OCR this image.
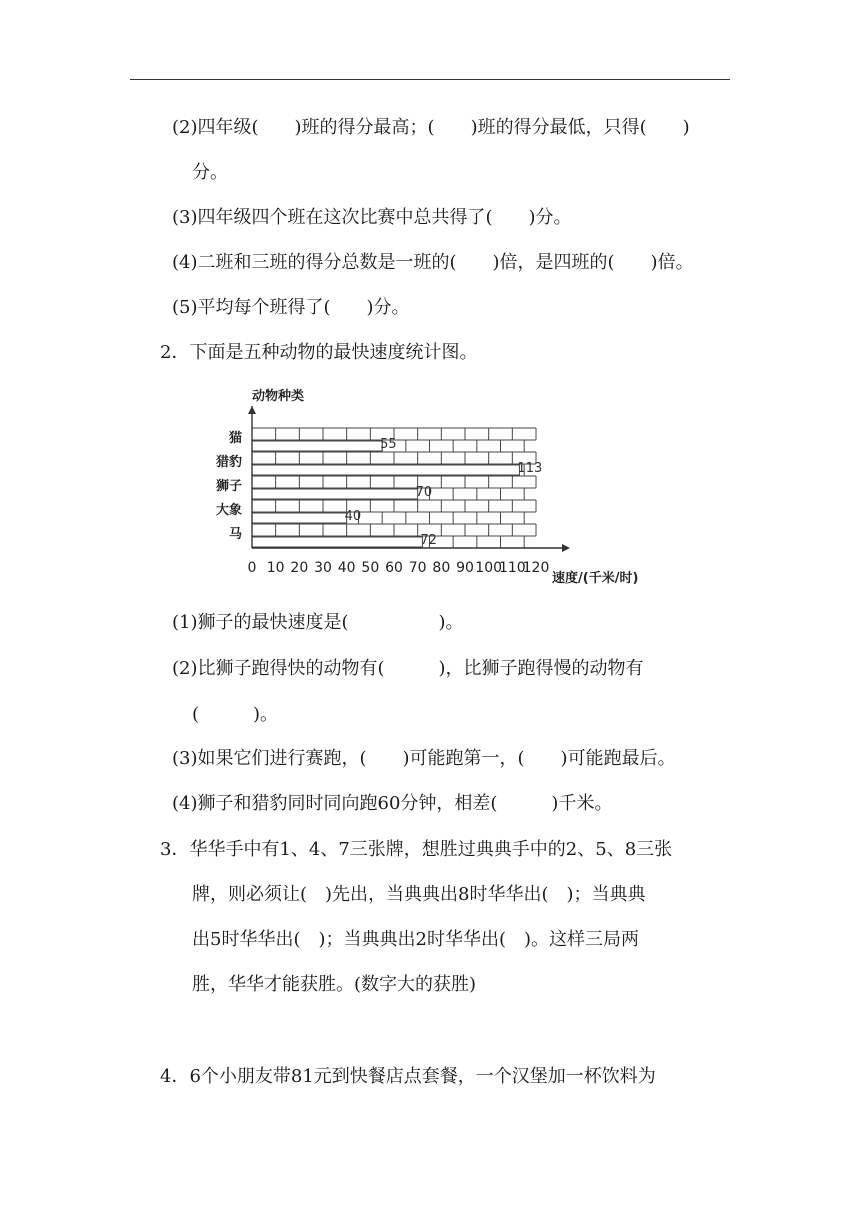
(2)四年级(　　)班的得分最高；(　　)班的得分最低，只得(　　)
分。
(3)四年级四个班在这次比赛中总共得了(　　)分。
(4)二班和三班的得分总数是一班的(　　)倍，是四班的(　　)倍。
(5)平均每个班得了(　　)分。
2．下面是五种动物的最快速度统计图。
0 10 20 30 40 50 60 70 80 90 100
110
120
猫
猎豹
狮子
大象
马
55
113
70
40
72
动物种类
速度/(千米/时)
(1)狮子的最快速度是(　　　　　)。
(2)比狮子跑得快的动物有(　　　)，比狮子跑得慢的动物有
(　　　)。
(3)如果它们进行赛跑，(　　)可能跑第一，(　　)可能跑最后。
(4)狮子和猎豹同时同向跑60分钟，相差(　　　)千米。
3．华华手中有1、4、7三张牌，想胜过典典手中的2、5、8三张
牌，则必须让(　)先出，当典典出8时华华出(　)；当典典
出5时华华出(　)；当典典出2时华华出(　)。这样三局两
胜，华华才能获胜。(数字大的获胜)
4．6个小朋友带81元到快餐店点套餐，一个汉堡加一杯饮料为
